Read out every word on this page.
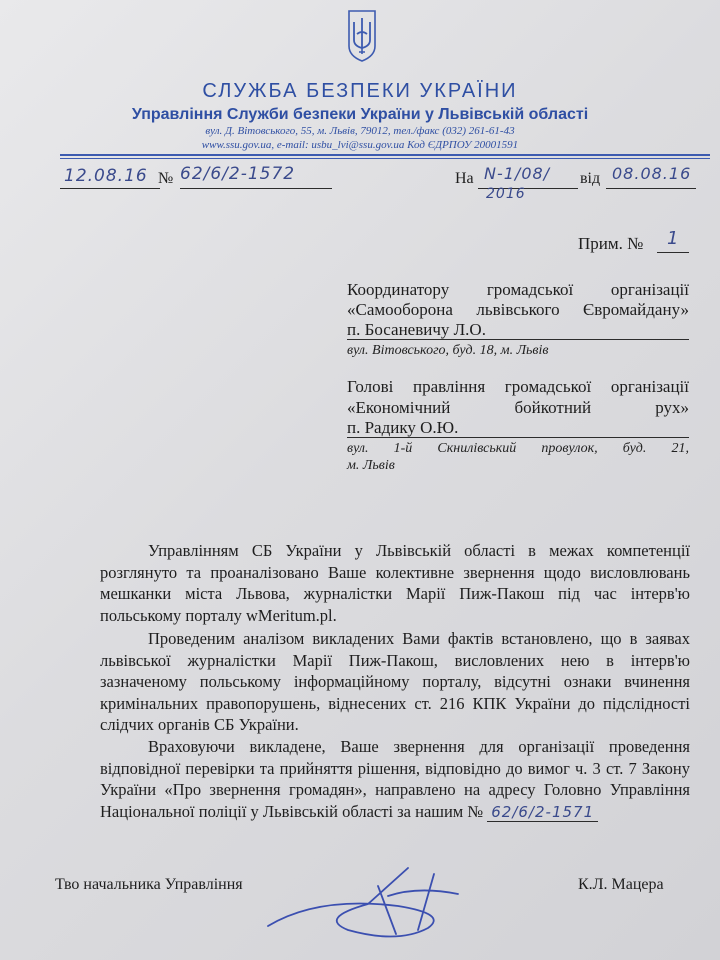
СЛУЖБА БЕЗПЕКИ УКРАЇНИ
Управління Служби безпеки України у Львівській області
вул. Д. Вітовського, 55, м. Львів, 79012, тел./факс (032) 261-61-43
www.ssu.gov.ua, e-mail: usbu_lvi@ssu.gov.ua Код ЄДРПОУ 20001591
12.08.16 № 62/6/2-1572	На N-1/08/
2016
від 08.08.16
Прим. № 1
Координатору громадської організації
«Самооборона львівського Євромайдану»
п. Босаневичу Л.О.
вул. Вітовського, буд. 18, м. Львів
Голові правління громадської організації
«Економічний бойкотний рух»
п. Радику О.Ю.
вул. 1-й Скнилівський провулок, буд. 21,
м. Львів
Управлінням СБ України у Львівській області в межах компетенції розглянуто та проаналізовано Ваше колективне звернення щодо висловлювань мешканки міста Львова, журналістки Марії Пиж-Пакош під час інтерв'ю польському порталу wMeritum.pl.
Проведеним аналізом викладених Вами фактів встановлено, що в заявах львівської журналістки Марії Пиж-Пакош, висловлених нею в інтерв'ю зазначеному польському інформаційному порталу, відсутні ознаки вчинення кримінальних правопорушень, віднесених ст. 216 КПК України до підслідності слідчих органів СБ України.
Враховуючи викладене, Ваше звернення для організації проведення відповідної перевірки та прийняття рішення, відповідно до вимог ч. 3 ст. 7 Закону України «Про звернення громадян», направлено на адресу Головно Управління Національної поліції у Львівській області за нашим № 62/6/2-1571
Тво начальника Управління	К.Л. Мацера
